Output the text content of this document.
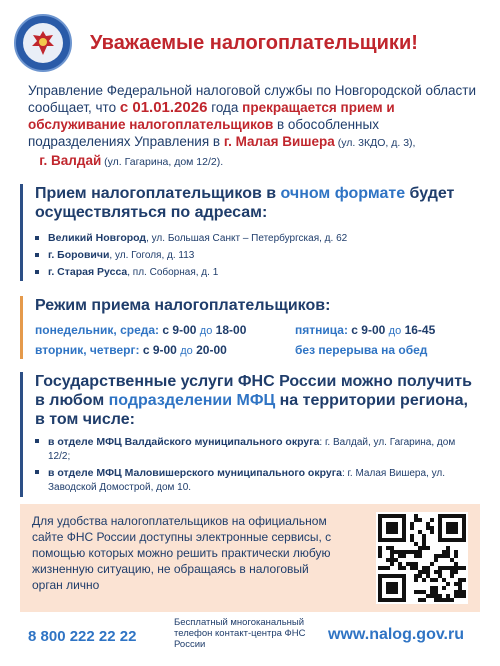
Уважаемые налогоплательщики!
Управление Федеральной налоговой службы по Новгородской области сообщает, что с 01.01.2026 года прекращается прием и обслуживание налогоплательщиков в обособленных подразделениях Управления в г. Малая Вишера (ул. 3КДО, д. 3),
г. Валдай (ул. Гагарина, дом 12/2).
Прием налогоплательщиков в очном формате будет осуществляться по адресам:
Великий Новгород, ул. Большая Санкт – Петербургская, д. 62
г. Боровичи, ул. Гоголя, д. 113
г. Старая Русса, пл. Соборная, д. 1
Режим приема налогоплательщиков:
понедельник, среда: с 9-00 до 18-00
вторник, четверг: с 9-00 до 20-00
пятница: с 9-00 до 16-45
без перерыва на обед
Государственные услуги ФНС России можно получить в любом подразделении МФЦ на территории региона, в том числе:
в отделе МФЦ Валдайского муниципального округа: г. Валдай, ул. Гагарина, дом 12/2;
в отделе МФЦ Маловишерского муниципального округа: г. Малая Вишера, ул. Заводской Домострой, дом 10.
Для удобства налогоплательщиков на официальном сайте ФНС России доступны электронные сервисы, с помощью которых можно решить практически любую жизненную ситуацию, не обращаясь в налоговый орган лично
8 800 222 22 22
Бесплатный многоканальный телефон контакт-центра ФНС России
www.nalog.gov.ru
